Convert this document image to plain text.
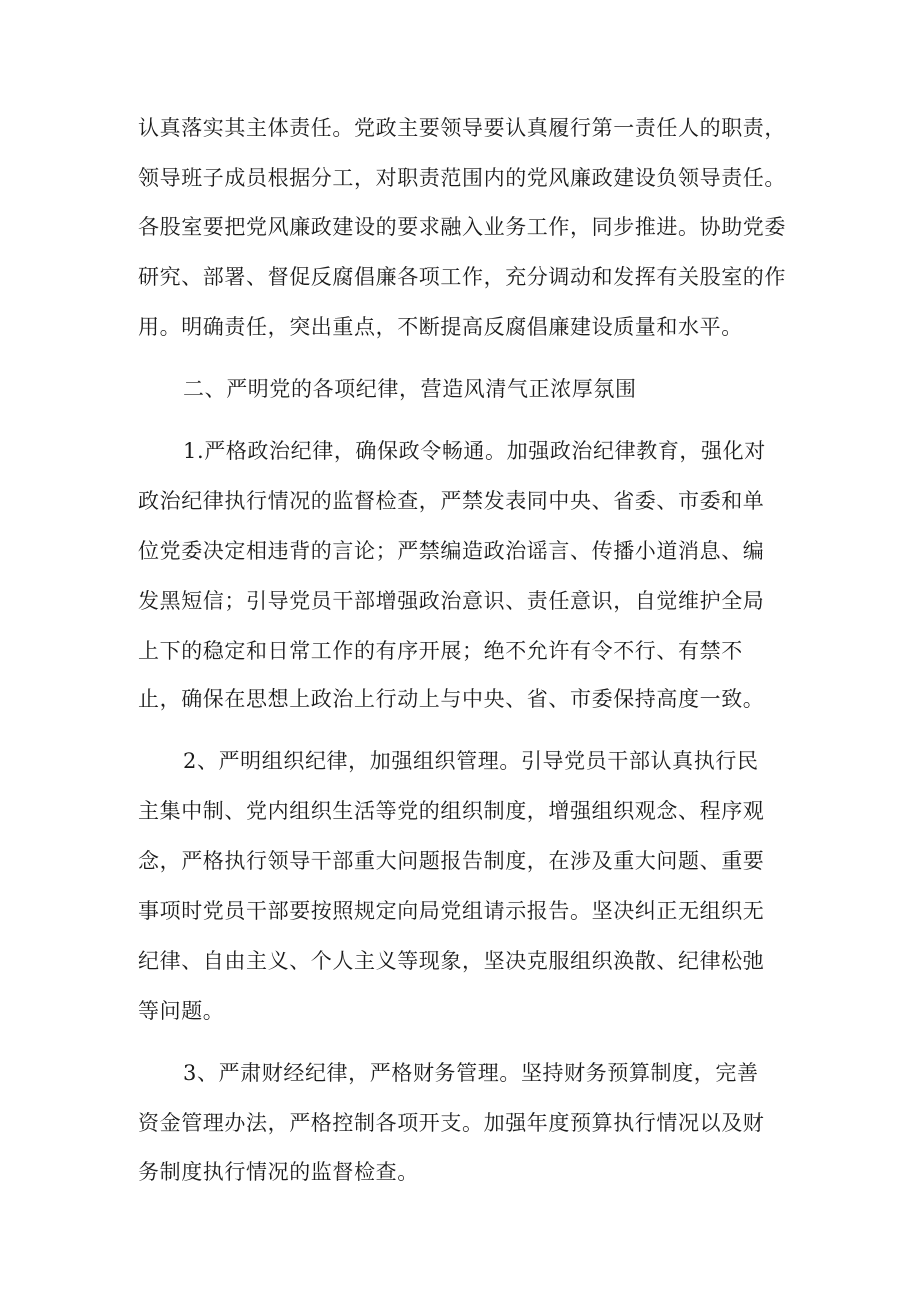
认真落实其主体责任。党政主要领导要认真履行第一责任人的职责，

领导班子成员根据分工，对职责范围内的党风廉政建设负领导责任。

各股室要把党风廉政建设的要求融入业务工作，同步推进。协助党委

研究、部署、督促反腐倡廉各项工作，充分调动和发挥有关股室的作

用。明确责任，突出重点，不断提高反腐倡廉建设质量和水平。

二、严明党的各项纪律，营造风清气正浓厚氛围

1.严格政治纪律，确保政令畅通。加强政治纪律教育，强化对

政治纪律执行情况的监督检查，严禁发表同中央、省委、市委和单

位党委决定相违背的言论；严禁编造政治谣言、传播小道消息、编

发黑短信；引导党员干部增强政治意识、责任意识，自觉维护全局

上下的稳定和日常工作的有序开展；绝不允许有令不行、有禁不

止，确保在思想上政治上行动上与中央、省、市委保持高度一致。

2、严明组织纪律，加强组织管理。引导党员干部认真执行民

主集中制、党内组织生活等党的组织制度，增强组织观念、程序观

念，严格执行领导干部重大问题报告制度，在涉及重大问题、重要

事项时党员干部要按照规定向局党组请示报告。坚决纠正无组织无

纪律、自由主义、个人主义等现象，坚决克服组织涣散、纪律松弛

等问题。

3、严肃财经纪律，严格财务管理。坚持财务预算制度，完善

资金管理办法，严格控制各项开支。加强年度预算执行情况以及财

务制度执行情况的监督检查。
